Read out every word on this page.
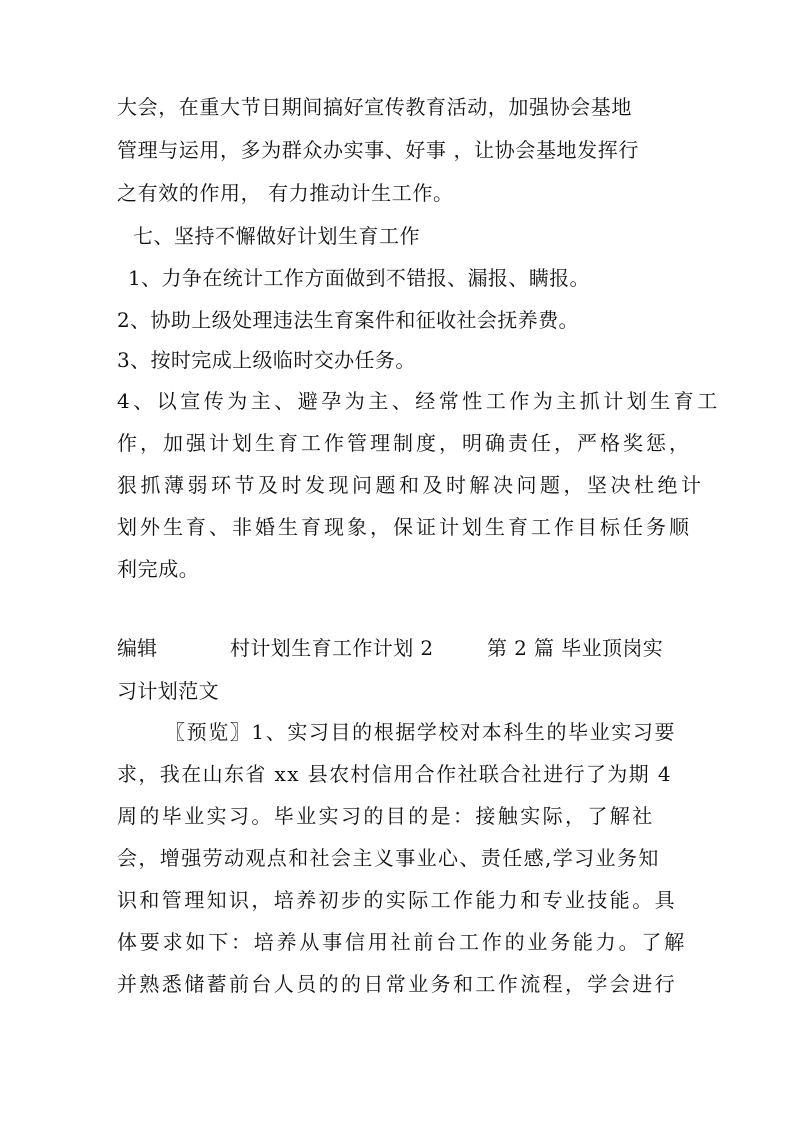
大会，在重大节日期间搞好宣传教育活动，加强协会基地

管理与运用，多为群众办实事、好事 ，让协会基地发挥行

之有效的作用， 有力推动计生工作。

七、坚持不懈做好计划生育工作

1、力争在统计工作方面做到不错报、漏报、瞒报。

2、协助上级处理违法生育案件和征收社会抚养费。

3、按时完成上级临时交办任务。

4、以宣传为主、避孕为主、经常性工作为主抓计划生育工

作，加强计划生育工作管理制度，明确责任，严格奖惩，

狠抓薄弱环节及时发现问题和及时解决问题，坚决杜绝计

划外生育、非婚生育现象，保证计划生育工作目标任务顺

利完成。

编辑	村计划生育工作计划 2	第 2 篇 毕业顶岗实

习计划范文

〖预览〗1、实习目的根据学校对本科生的毕业实习要

求，我在山东省 xx 县农村信用合作社联合社进行了为期 4

周的毕业实习。毕业实习的目的是：接触实际，了解社

会，增强劳动观点和社会主义事业心、责任感,学习业务知

识和管理知识，培养初步的实际工作能力和专业技能。具

体要求如下：培养从事信用社前台工作的业务能力。了解

并熟悉储蓄前台人员的的日常业务和工作流程，学会进行
